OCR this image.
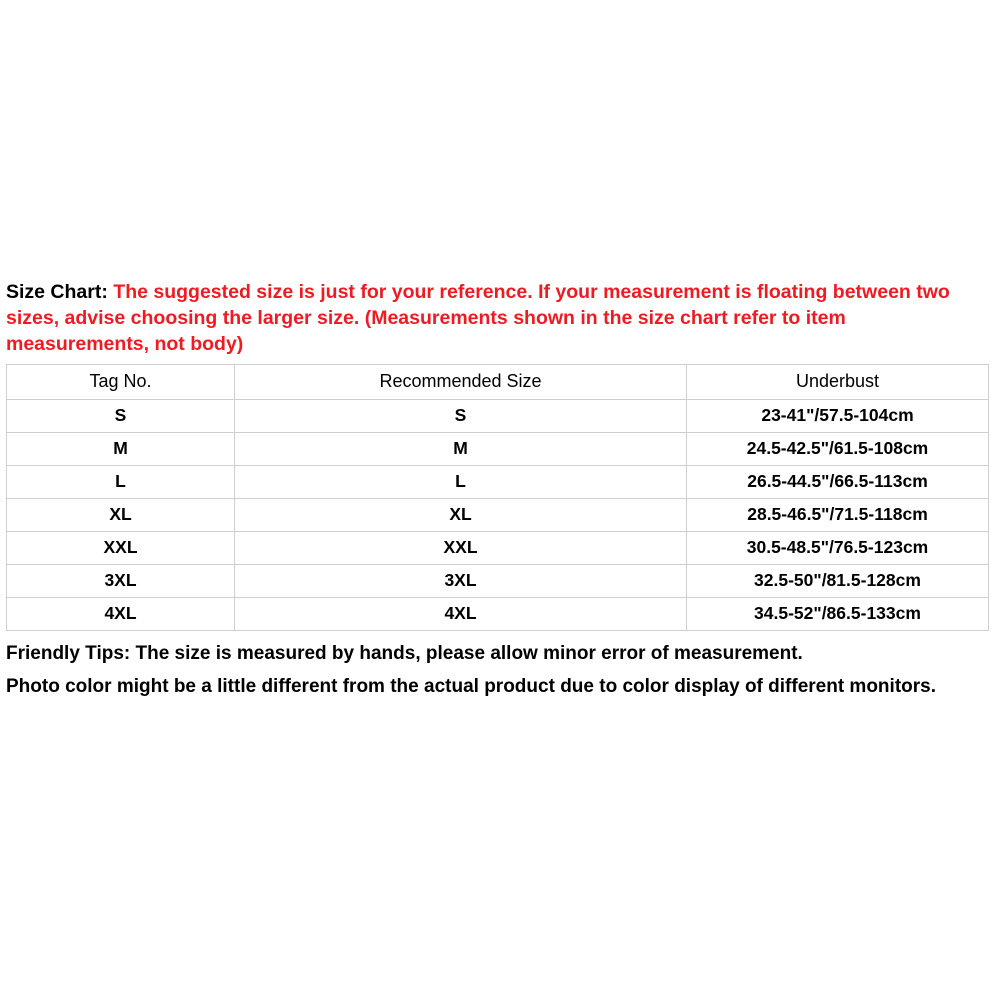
Size Chart: The suggested size is just for your reference. If your measurement is floating between two sizes, advise choosing the larger size. (Measurements shown in the size chart refer to item measurements, not body)

Tag No.	Recommended Size	Underbust
S	S	23-41"/57.5-104cm
M	M	24.5-42.5"/61.5-108cm
L	L	26.5-44.5"/66.5-113cm
XL	XL	28.5-46.5"/71.5-118cm
XXL	XXL	30.5-48.5"/76.5-123cm
3XL	3XL	32.5-50"/81.5-128cm
4XL	4XL	34.5-52"/86.5-133cm

Friendly Tips: The size is measured by hands, please allow minor error of measurement.

Photo color might be a little different from the actual product due to color display of different monitors.
